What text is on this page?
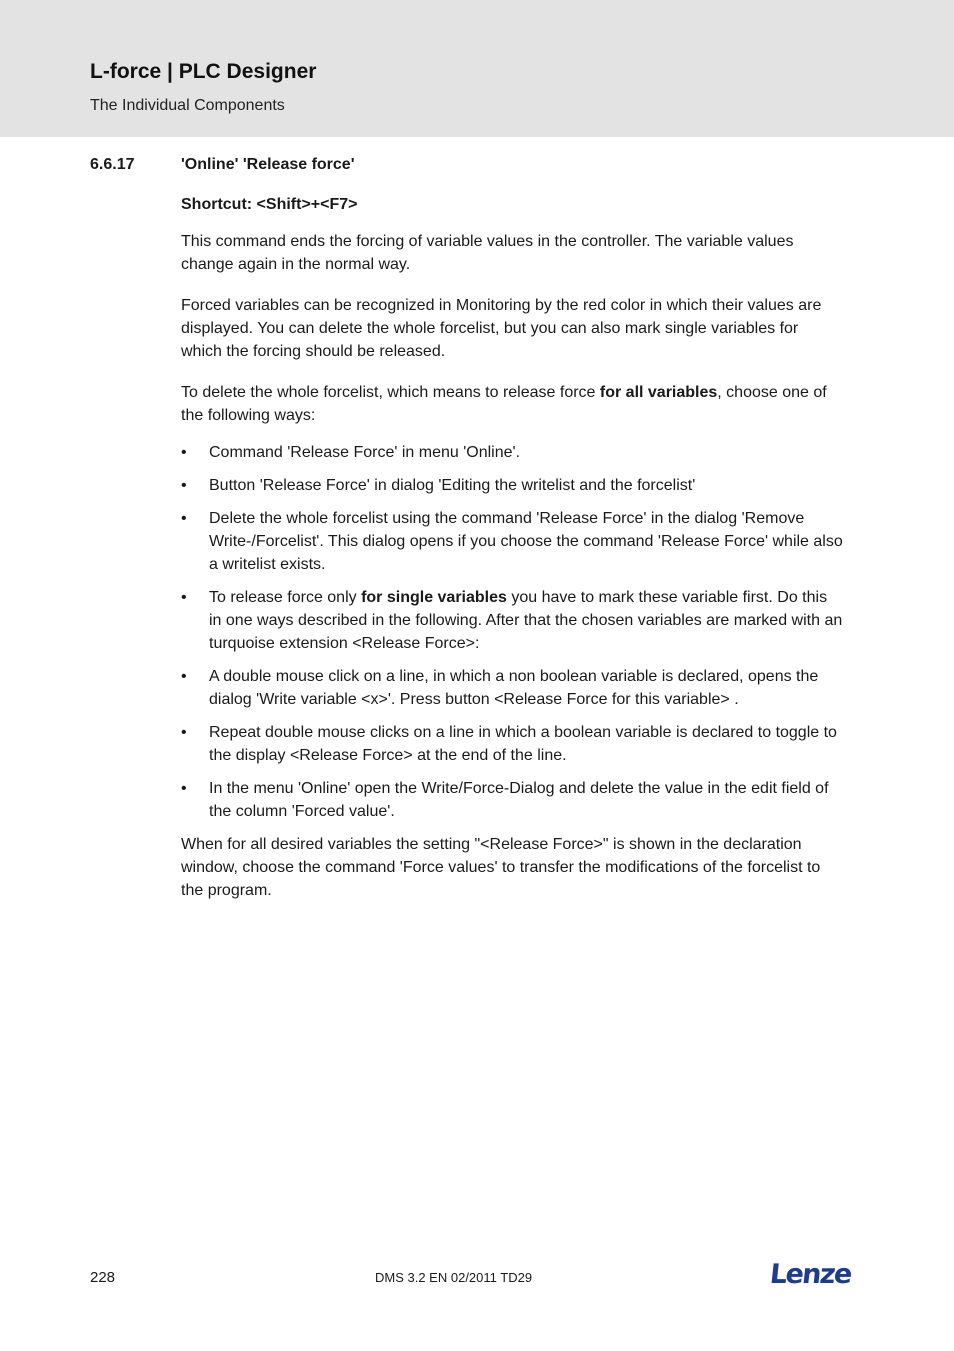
L-force | PLC Designer
The Individual Components
6.6.17	'Online' 'Release force'
Shortcut: <Shift>+<F7>

This command ends the forcing of variable values in the controller. The variable values change again in the normal way.

Forced variables can be recognized in Monitoring by the red color in which their values are displayed. You can delete the whole forcelist, but you can also mark single variables for which the forcing should be released.

To delete the whole forcelist, which means to release force for all variables, choose one of the following ways:

•	Command 'Release Force' in menu 'Online'.
•	Button 'Release Force' in dialog 'Editing the writelist and the forcelist'
•	Delete the whole forcelist using the command 'Release Force' in the dialog 'Remove Write-/Forcelist'. This dialog opens if you choose the command 'Release Force' while also a writelist exists.
•	To release force only for single variables you have to mark these variable first. Do this in one ways described in the following. After that the chosen variables are marked with an turquoise extension <Release Force>:
•	A double mouse click on a line, in which a non boolean variable is declared, opens the dialog 'Write variable <x>'. Press button <Release Force for this variable> .
•	Repeat double mouse clicks on a line in which a boolean variable is declared to toggle to the display <Release Force> at the end of the line.
•	In the menu 'Online' open the Write/Force-Dialog and delete the value in the edit field of the column 'Forced value'.

When for all desired variables the setting "<Release Force>" is shown in the declaration window, choose the command 'Force values' to transfer the modifications of the forcelist to the program.

228	DMS 3.2 EN 02/2011 TD29	Lenze
